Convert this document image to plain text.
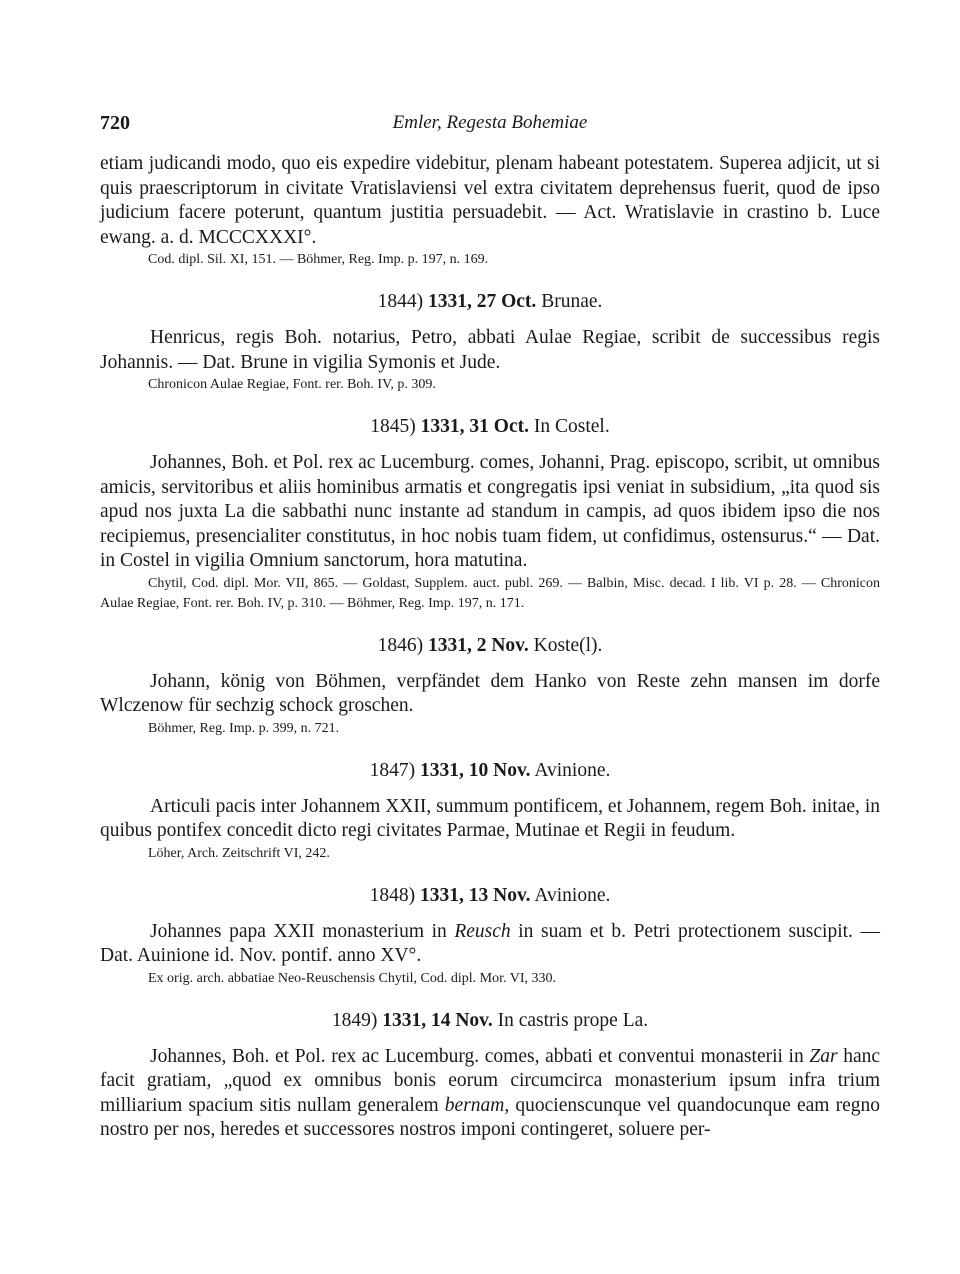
720	Emler, Regesta Bohemiae

etiam judicandi modo, quo eis expedire videbitur, plenam habeant potestatem. Superea adjicit, ut si quis praescriptorum in civitate Vratislaviensi vel extra civitatem deprehensus fuerit, quod de ipso judicium facere poterunt, quantum justitia persuadebit. — Act. Wratislavie in crastino b. Luce ewang. a. d. MCCCXXXI°.

Cod. dipl. Sil. XI, 151. — Böhmer, Reg. Imp. p. 197, n. 169.

1844) 1331, 27 Oct. Brunae.

Henricus, regis Boh. notarius, Petro, abbati Aulae Regiae, scribit de successibus regis Johannis. — Dat. Brune in vigilia Symonis et Jude.

Chronicon Aulae Regiae, Font. rer. Boh. IV, p. 309.

1845) 1331, 31 Oct. In Costel.

Johannes, Boh. et Pol. rex ac Lucemburg. comes, Johanni, Prag. episcopo, scribit, ut omnibus amicis, servitoribus et aliis hominibus armatis et congregatis ipsi veniat in subsidium, „ita quod sis apud nos juxta La die sabbathi nunc instante ad standum in campis, ad quos ibidem ipso die nos recipiemus, presencialiter constitutus, in hoc nobis tuam fidem, ut confidimus, ostensurus.“ — Dat. in Costel in vigilia Omnium sanctorum, hora matutina.

Chytil, Cod. dipl. Mor. VII, 865. — Goldast, Supplem. auct. publ. 269. — Balbin, Misc. decad. I lib. VI p. 28. — Chronicon Aulae Regiae, Font. rer. Boh. IV, p. 310. — Böhmer, Reg. Imp. 197, n. 171.

1846) 1331, 2 Nov. Koste(l).

Johann, könig von Böhmen, verpfändet dem Hanko von Reste zehn mansen im dorfe Wlczenow für sechzig schock groschen.

Böhmer, Reg. Imp. p. 399, n. 721.

1847) 1331, 10 Nov. Avinione.

Articuli pacis inter Johannem XXII, summum pontificem, et Johannem, regem Boh. initae, in quibus pontifex concedit dicto regi civitates Parmae, Mutinae et Regii in feudum.

Löher, Arch. Zeitschrift VI, 242.

1848) 1331, 13 Nov. Avinione.

Johannes papa XXII monasterium in Reusch in suam et b. Petri protectionem suscipit. — Dat. Auinione id. Nov. pontif. anno XV°.

Ex orig. arch. abbatiae Neo-Reuschensis Chytil, Cod. dipl. Mor. VI, 330.

1849) 1331, 14 Nov. In castris prope La.

Johannes, Boh. et Pol. rex ac Lucemburg. comes, abbati et conventui monasterii in Zar hanc facit gratiam, „quod ex omnibus bonis eorum circumcirca monasterium ipsum infra trium milliarium spacium sitis nullam generalem bernam, quocienscunque vel quandocunque eam regno nostro per nos, heredes et successores nostros imponi contingeret, soluere per-
